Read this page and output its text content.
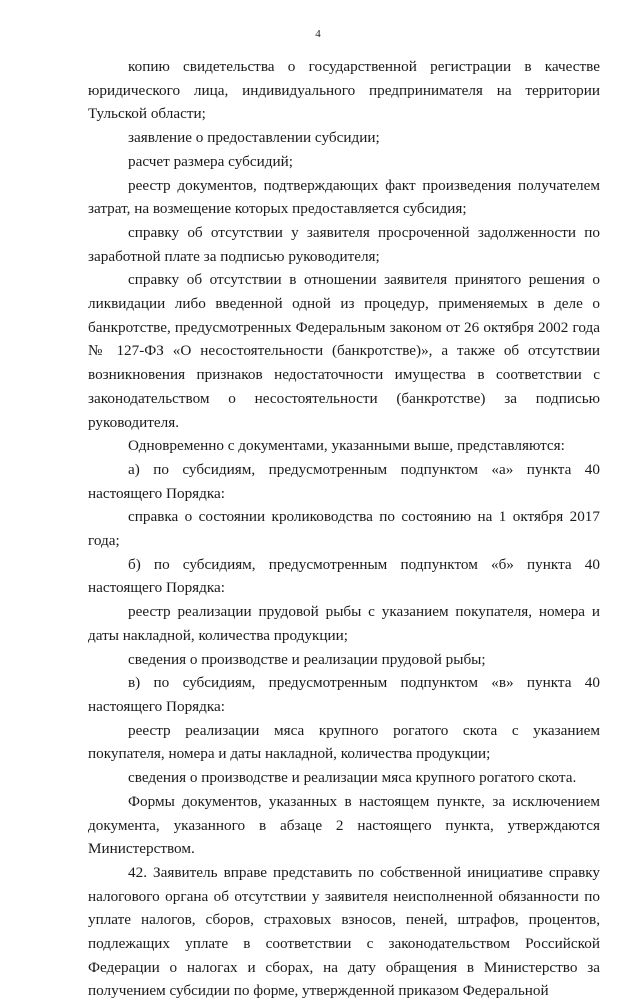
4

копию свидетельства о государственной регистрации в качестве юридического лица, индивидуального предпринимателя на территории Тульской области;

заявление о предоставлении субсидии;

расчет размера субсидий;

реестр документов, подтверждающих факт произведения получателем затрат, на возмещение которых предоставляется субсидия;

справку об отсутствии у заявителя просроченной задолженности по заработной плате за подписью руководителя;

справку об отсутствии в отношении заявителя принятого решения о ликвидации либо введенной одной из процедур, применяемых в деле о банкротстве, предусмотренных Федеральным законом от 26 октября 2002 года № 127-ФЗ «О несостоятельности (банкротстве)», а также об отсутствии возникновения признаков недостаточности имущества в соответствии с законодательством о несостоятельности (банкротстве) за подписью руководителя.

Одновременно с документами, указанными выше, представляются:

а) по субсидиям, предусмотренным подпунктом «а» пункта 40 настоящего Порядка:

справка о состоянии кролиководства по состоянию на 1 октября 2017 года;

б) по субсидиям, предусмотренным подпунктом «б» пункта 40 настоящего Порядка:

реестр реализации прудовой рыбы с указанием покупателя, номера и даты накладной, количества продукции;

сведения о производстве и реализации прудовой рыбы;

в) по субсидиям, предусмотренным подпунктом «в» пункта 40 настоящего Порядка:

реестр реализации мяса крупного рогатого скота с указанием покупателя, номера и даты накладной, количества продукции;

сведения о производстве и реализации мяса крупного рогатого скота.

Формы документов, указанных в настоящем пункте, за исключением документа, указанного в абзаце 2 настоящего пункта, утверждаются Министерством.

42. Заявитель вправе представить по собственной инициативе справку налогового органа об отсутствии у заявителя неисполненной обязанности по уплате налогов, сборов, страховых взносов, пеней, штрафов, процентов, подлежащих уплате в соответствии с законодательством Российской Федерации о налогах и сборах, на дату обращения в Министерство за получением субсидии по форме, утвержденной приказом Федеральной
